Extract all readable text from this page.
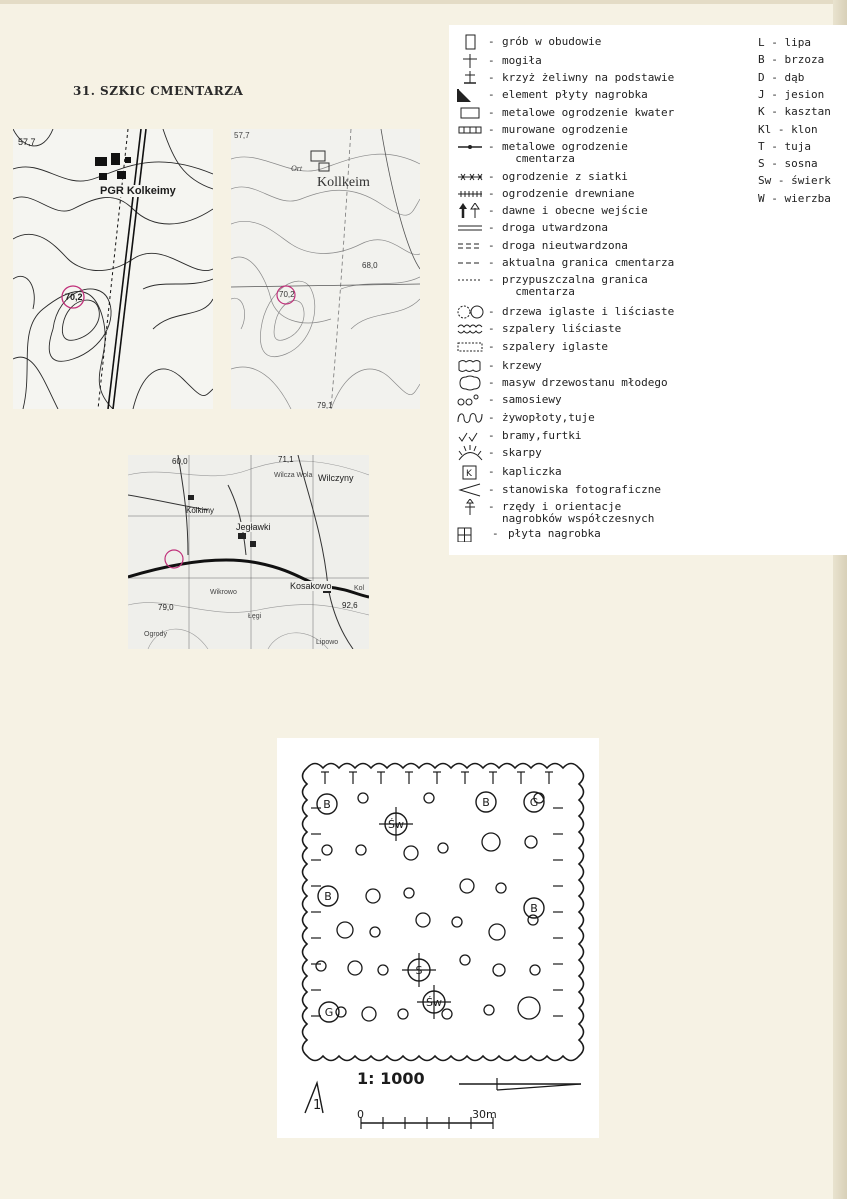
31. SZKIC CMENTARZA
57,7
PGR Kolkeimy
70,2
57,7
Ort
Kollkeim
70,2
68,0
79,1
60,0	71,1
Wilczyny
Wilcza Wola
Kolkimy
Jegławki
Kosakowo
Wikrowo
79,0	92,6
Łęgi
Ogrody
Lipowo
Kol
- grób w obudowie
- mogiła
- krzyż żeliwny na podstawie
- element płyty nagrobka
- metalowe ogrodzenie kwater
- murowane ogrodzenie
- metalowe ogrodzenie
cmentarza
- ogrodzenie z siatki
- ogrodzenie drewniane
- dawne i obecne wejście
- droga utwardzona
- droga nieutwardzona
- aktualna granica cmentarza
- przypuszczalna granica
cmentarza
- drzewa iglaste i liściaste
- szpalery liściaste
- szpalery iglaste
- krzewy
- masyw drzewostanu młodego
- samosiewy
- żywopłoty,tuje
- bramy,furtki
- skarpy
K - kapliczka
- stanowiska fotograficzne
- rzędy i orientacje
nagrobków współczesnych
- płyta nagrobka
L - lipa
B - brzoza
D - dąb
J - jesion
K - kasztan
Kl - klon
T - tuja
S - sosna
Sw - świerk
W - wierzba
B	B	G
Św
B
B
S
Św
G
1: 1000
1
0	30m
